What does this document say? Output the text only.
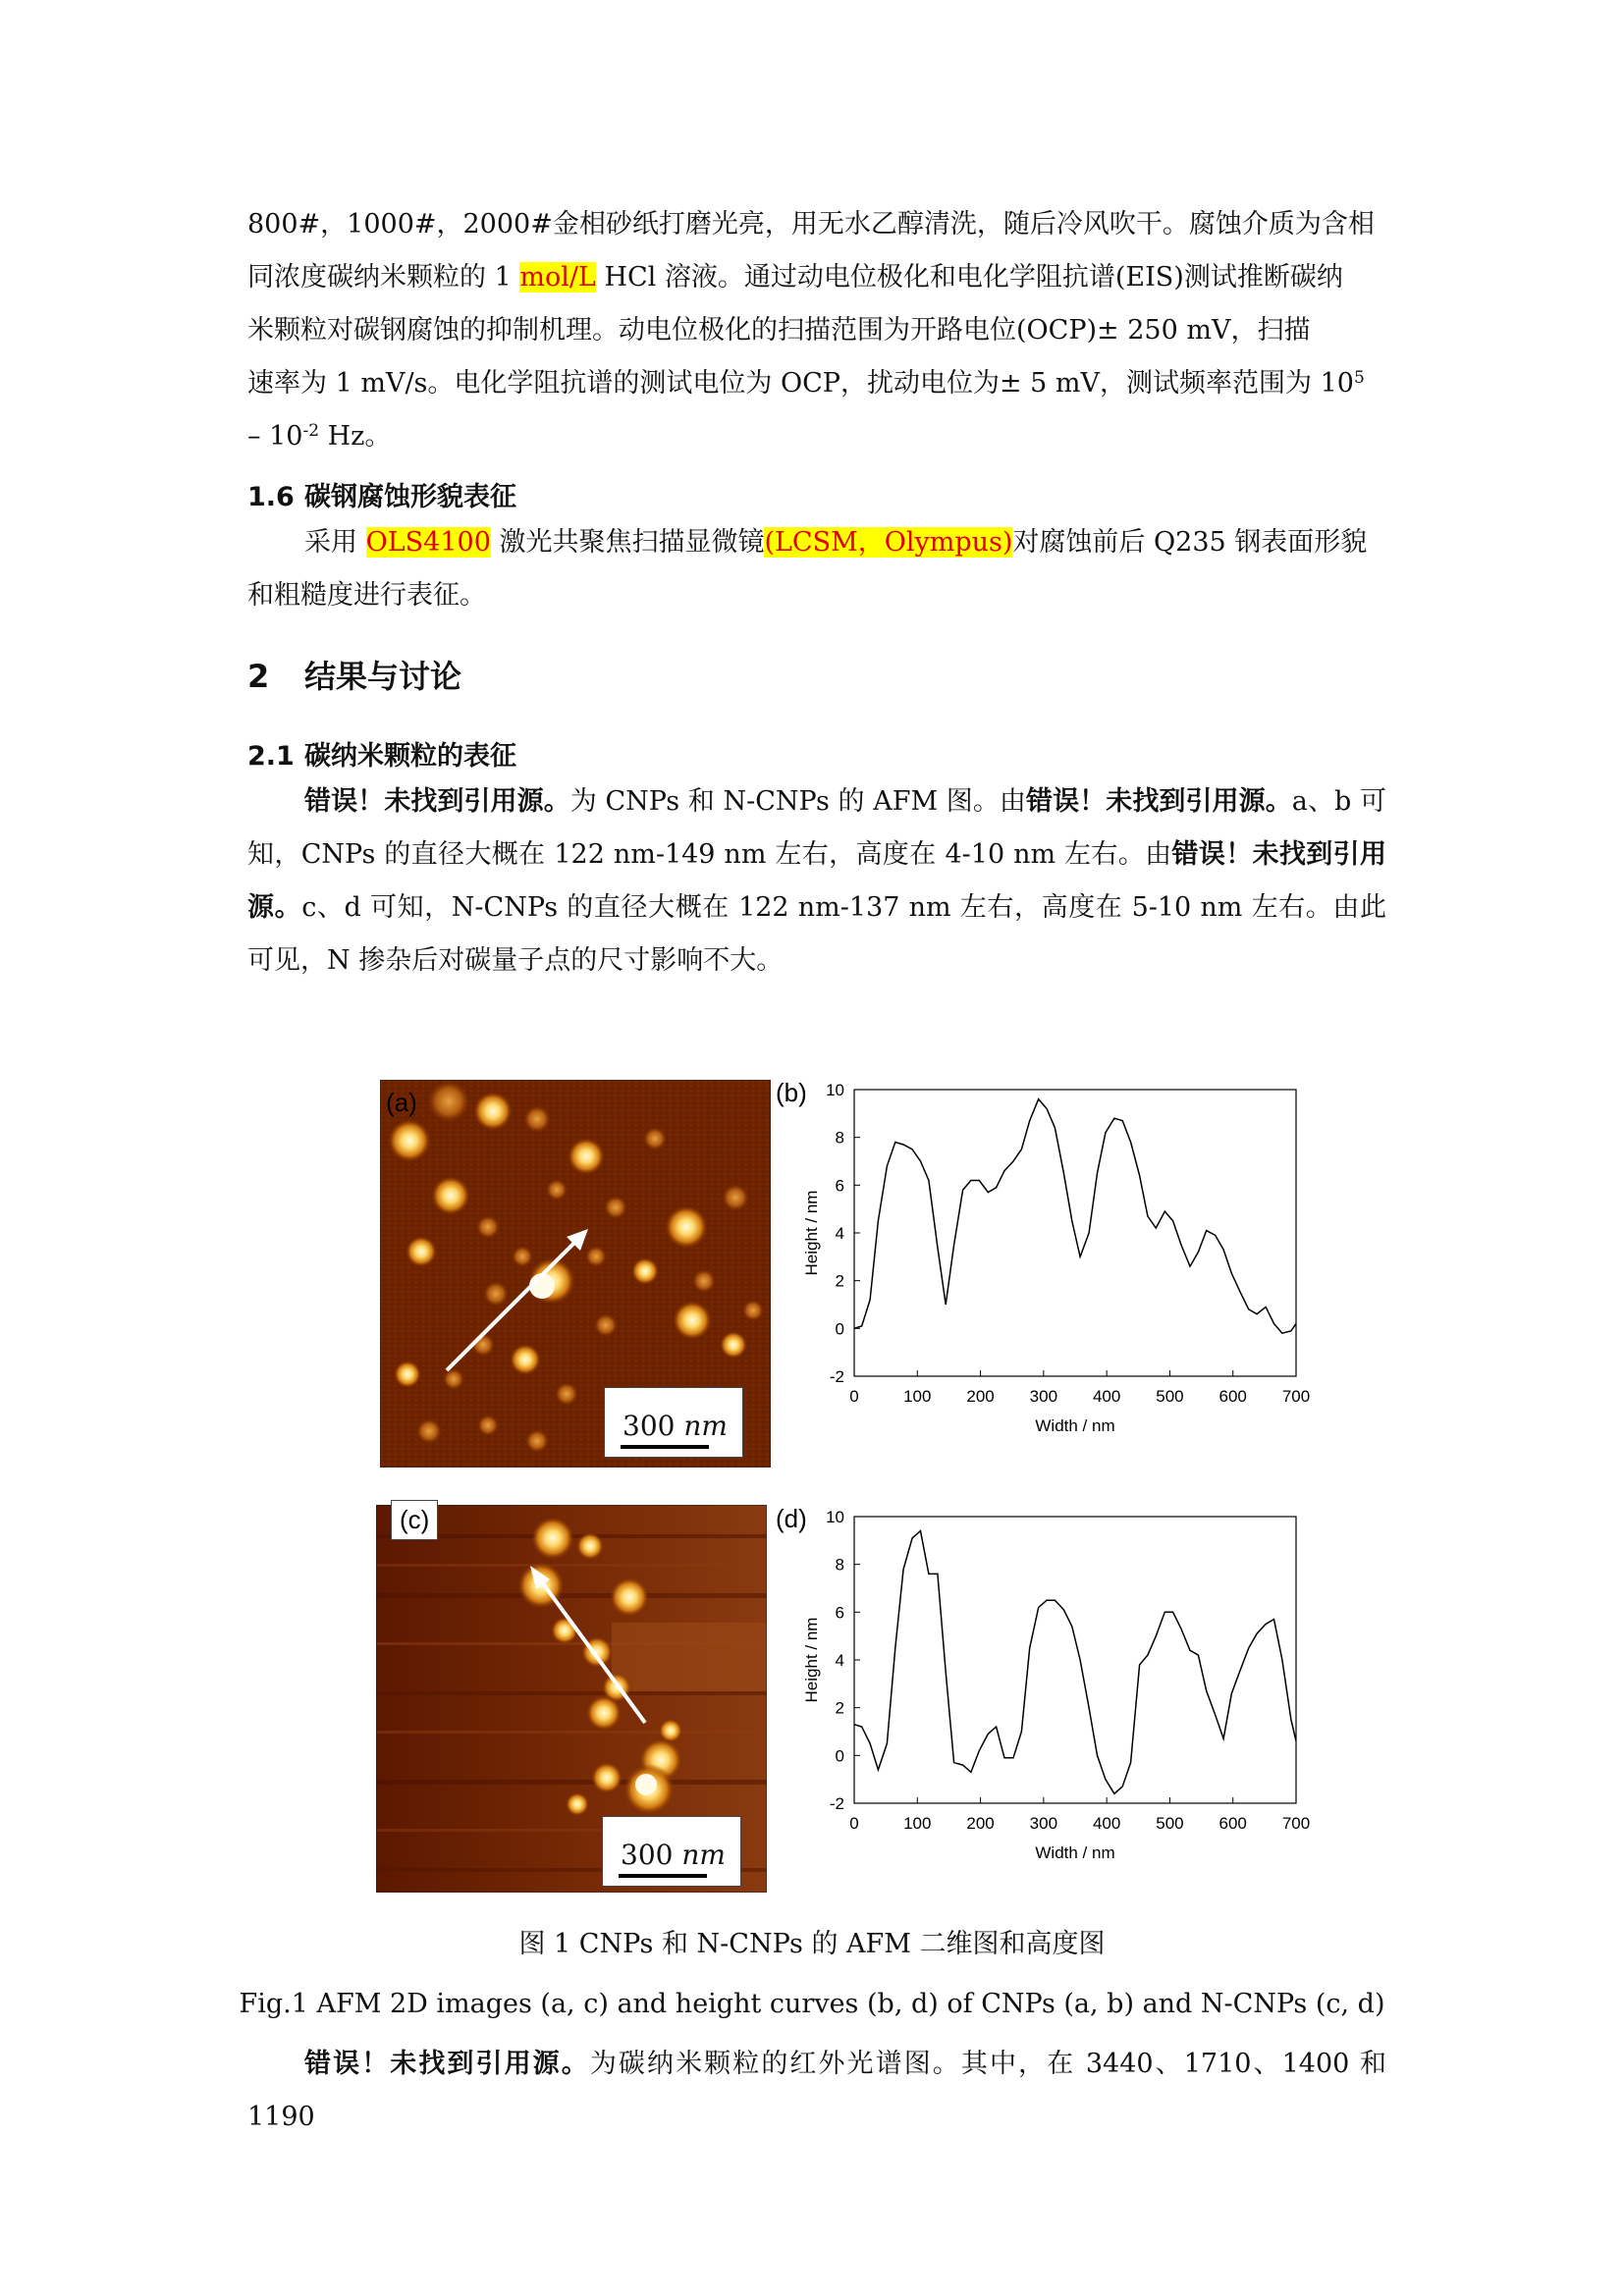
800#，1000#，2000#金相砂纸打磨光亮，用无水乙醇清洗，随后冷风吹干。腐蚀介质为含相
同浓度碳纳米颗粒的 1 mol/L HCl 溶液。通过动电位极化和电化学阻抗谱(EIS)测试推断碳纳
米颗粒对碳钢腐蚀的抑制机理。动电位极化的扫描范围为开路电位(OCP)± 250 mV，扫描
速率为 1 mV/s。电化学阻抗谱的测试电位为 OCP，扰动电位为± 5 mV，测试频率范围为 $10^5$
– $10^{-2}$ Hz。
1.6 碳钢腐蚀形貌表征
采用 OLS4100 激光共聚焦扫描显微镜(LCSM，Olympus)对腐蚀前后 Q235 钢表面形貌
和粗糙度进行表征。
2 结果与讨论
2.1 碳纳米颗粒的表征
错误！未找到引用源。为 CNPs 和 N-CNPs 的 AFM 图。由错误！未找到引用源。a、b 可知，CNPs 的直径大概在 122 nm-149 nm 左右，高度在 4-10 nm 左右。由错误！未找到引用源。c、d 可知，N-CNPs 的直径大概在 122 nm-137 nm 左右，高度在 5-10 nm 左右。由此可见，N 掺杂后对碳量子点的尺寸影响不大。
(a)
300 nm
0	100 200 300 400 500 600 700
-2
0
2
4
6
8
10
Width / nm
Height / nm
(b)
(c)
300 nm
0	100 200 300 400 500 600 700
-2
0
2
4
6
8
10
Width / nm
Height / nm
(d)
图 1 CNPs 和 N-CNPs 的 AFM 二维图和高度图
Fig.1 AFM 2D images (a, c) and height curves (b, d) of CNPs (a, b) and N-CNPs (c, d)
错误！未找到引用源。为碳纳米颗粒的红外光谱图。其中，在 3440、1710、1400 和 1190
